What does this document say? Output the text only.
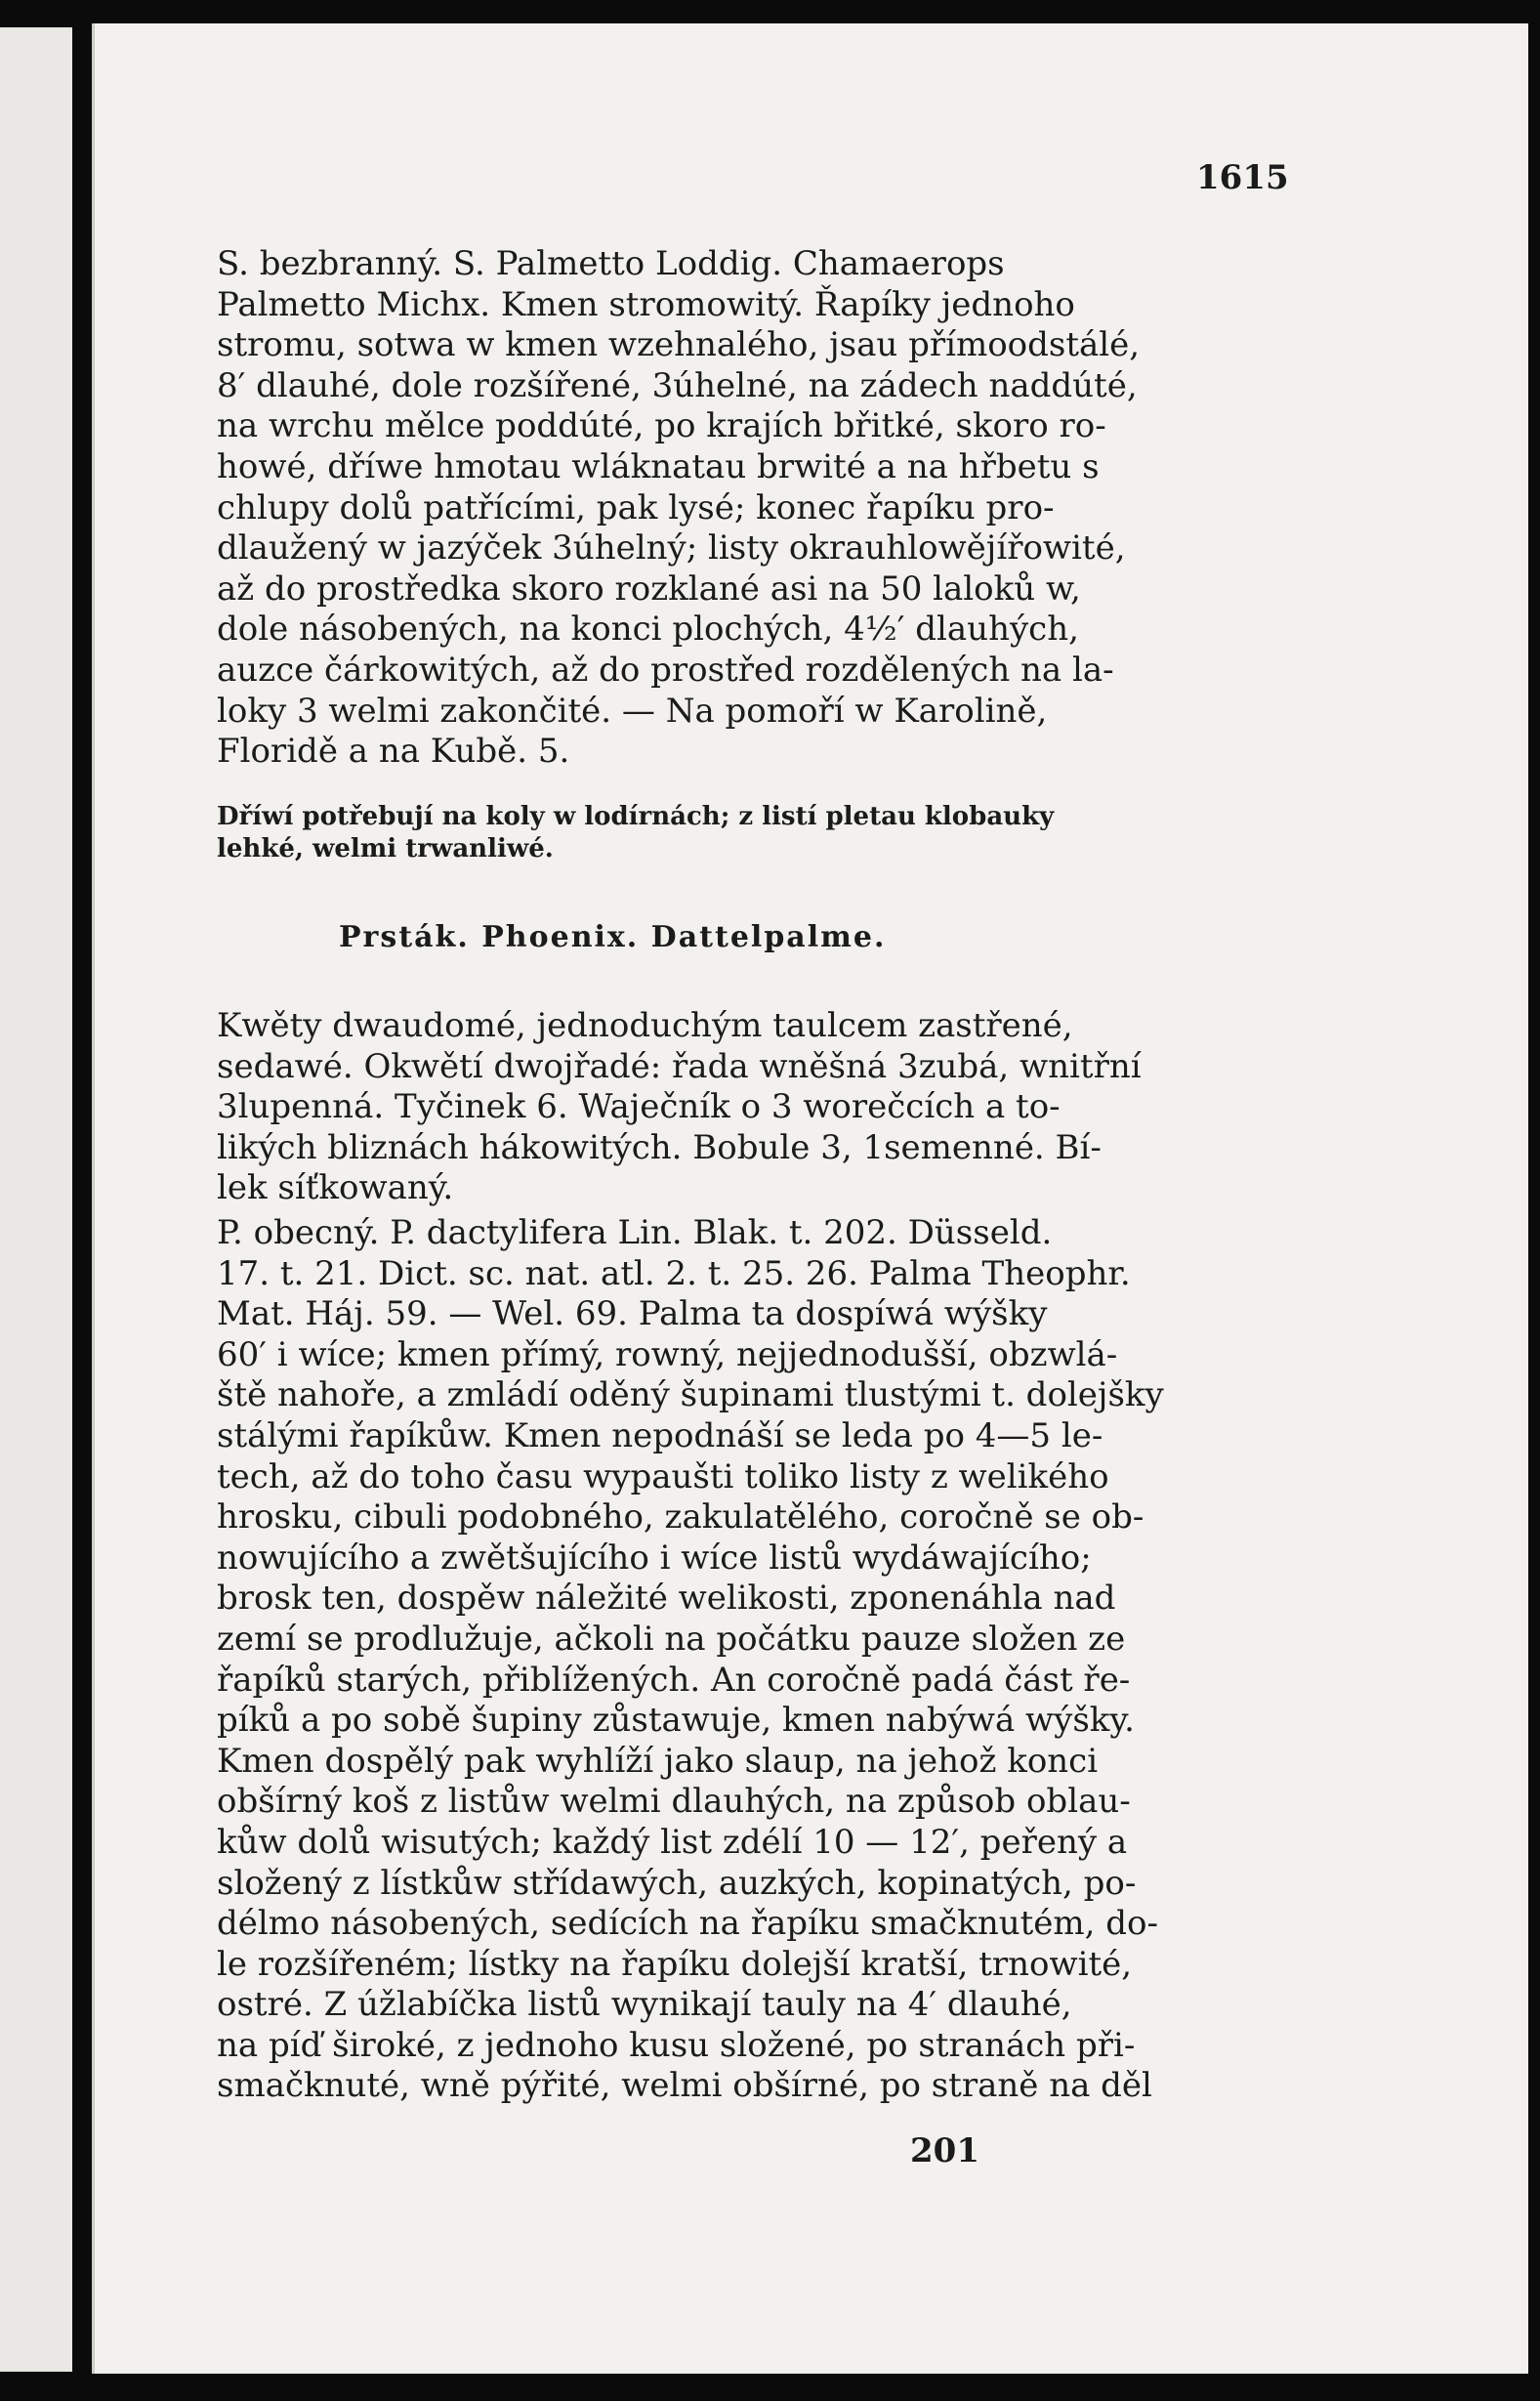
1615
S. bezbranný. S. Palmetto Loddig. Chamaerops
Palmetto Michx. Kmen stromowitý. Řapíky jednoho
stromu, sotwa w kmen wzehnalého, jsau přímoodstálé,
8′ dlauhé, dole rozšířené, 3úhelné, na zádech naddúté,
na wrchu mělce poddúté, po krajích břitké, skoro ro-
howé, dříwe hmotau wláknatau brwité a na hřbetu s
chlupy dolů patřícími, pak lysé; konec řapíku pro-
dlaužený w jazýček 3úhelný; listy okrauhlowějířowité,
až do prostředka skoro rozklané asi na 50 laloků w,
dole násobených, na konci plochých, 4½′ dlauhých,
auzce čárkowitých, až do prostřed rozdělených na la-
loky 3 welmi zakončité. — Na pomoří w Karolině,
Floridě a na Kubě. 5.
Dříwí potřebují na koly w lodírnách; z listí pletau klobauky
lehké, welmi trwanliwé.
Prsták. Phoenix. Dattelpalme.
Kwěty dwaudomé, jednoduchým taulcem zastřené,
sedawé. Okwětí dwojřadé: řada wněšná 3zubá, wnitřní
3lupenná. Tyčinek 6. Waječník o 3 worečcích a to-
likých bliznách hákowitých. Bobule 3, 1semenné. Bí-
lek síťkowaný.
P. obecný. P. dactylifera Lin. Blak. t. 202. Düsseld.
17. t. 21. Dict. sc. nat. atl. 2. t. 25. 26. Palma Theophr.
Mat. Háj. 59. — Wel. 69. Palma ta dospíwá wýšky
60′ i wíce; kmen přímý, rowný, nejjednodušší, obzwlá-
ště nahoře, a zmládí oděný šupinami tlustými t. dolejšky
stálými řapíkůw. Kmen nepodnáší se leda po 4—5 le-
tech, až do toho času wypaušti toliko listy z welikého
hrosku, cibuli podobného, zakulatělého, coročně se ob-
nowujícího a zwětšujícího i wíce listů wydáwajícího;
brosk ten, dospěw náležité welikosti, zponenáhla nad
zemí se prodlužuje, ačkoli na počátku pauze složen ze
řapíků starých, přiblížených. An coročně padá část ře-
píků a po sobě šupiny zůstawuje, kmen nabýwá wýšky.
Kmen dospělý pak wyhlíží jako slaup, na jehož konci
obšírný koš z listůw welmi dlauhých, na způsob oblau-
kůw dolů wisutých; každý list zdélí 10 — 12′, peřený a
složený z lístkůw střídawých, auzkých, kopinatých, po-
délmo násobených, sedících na řapíku smačknutém, do-
le rozšířeném; lístky na řapíku dolejší kratší, trnowité,
ostré. Z úžlabíčka listů wynikají tauly na 4′ dlauhé,
na píď široké, z jednoho kusu složené, po stranách při-
smačknuté, wně pýřité, welmi obšírné, po straně na děl
201
